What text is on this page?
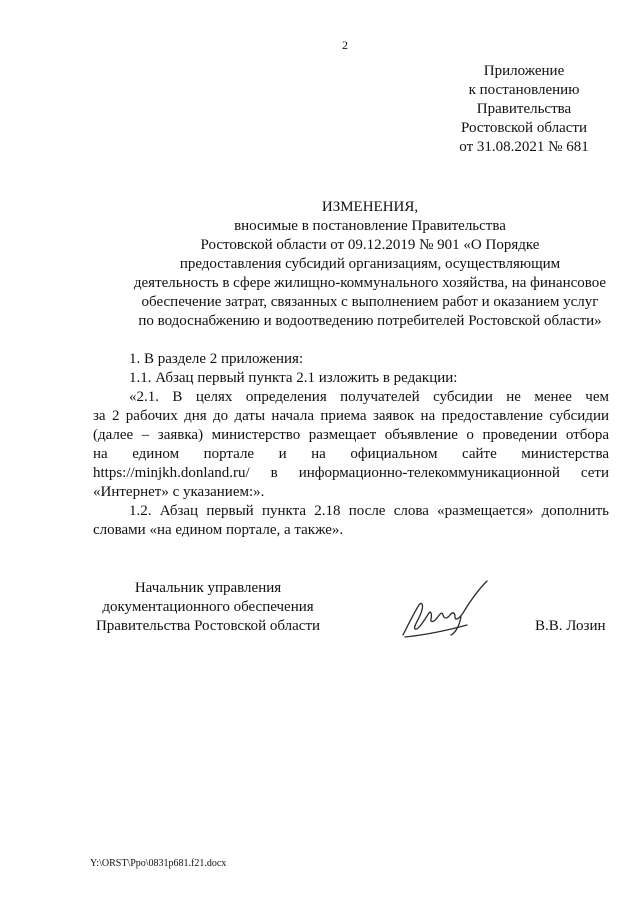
2
Приложение
к постановлению
Правительства
Ростовской области
от 31.08.2021 № 681
ИЗМЕНЕНИЯ,
вносимые в постановление Правительства
Ростовской области от 09.12.2019 № 901 «О Порядке
предоставления субсидий организациям, осуществляющим
деятельность в сфере жилищно-коммунального хозяйства, на финансовое
обеспечение затрат, связанных с выполнением работ и оказанием услуг
по водоснабжению и водоотведению потребителей Ростовской области»
1. В разделе 2 приложения:
1.1. Абзац первый пункта 2.1 изложить в редакции:
«2.1. В целях определения получателей субсидии не менее чем
за 2 рабочих дня до даты начала приема заявок на предоставление субсидии
(далее – заявка) министерство размещает объявление о проведении отбора
на едином портале и на официальном сайте министерства
https://minjkh.donland.ru/ в информационно-телекоммуникационной сети
«Интернет» с указанием:».
1.2. Абзац первый пункта 2.18 после слова «размещается» дополнить
словами «на едином портале, а также».
Начальник управления
документационного обеспечения
Правительства Ростовской области	В.В. Лозин
Y:\ORST\Ppo\0831p681.f21.docx
